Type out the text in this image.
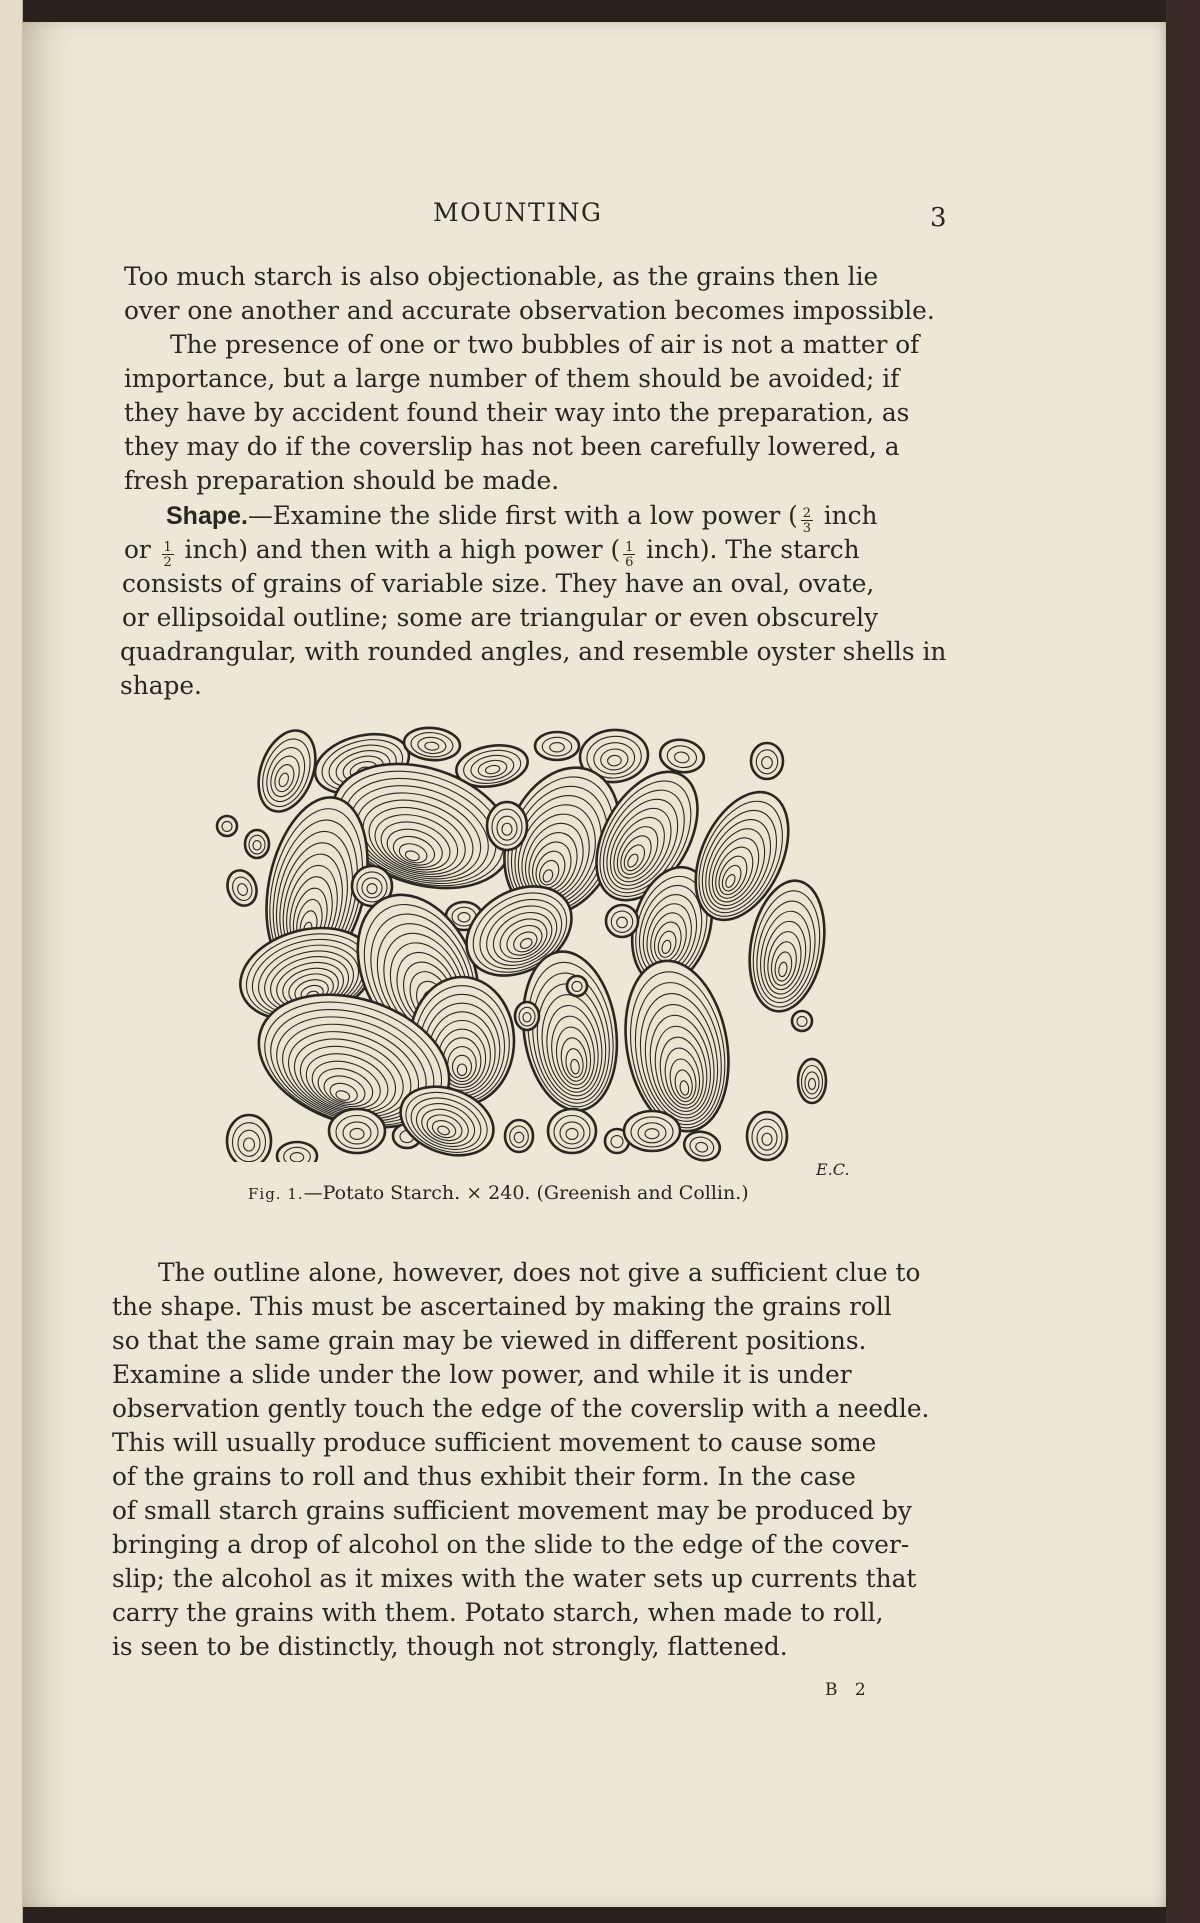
MOUNTING	3

Too much starch is also objectionable, as the grains then lie

over one another and accurate observation becomes impossible.

The presence of one or two bubbles of air is not a matter of

importance, but a large number of them should be avoided; if

they have by accident found their way into the preparation, as

they may do if the coverslip has not been carefully lowered, a

fresh preparation should be made.

Shape.—Examine the slide first with a low power ( $\frac{2}{3}$ inch

or $\frac{1}{2}$ inch) and then with a high power ( $\frac{1}{6}$ inch). The starch

consists of grains of variable size. They have an oval, ovate,

or ellipsoidal outline; some are triangular or even obscurely

quadrangular, with rounded angles, and resemble oyster shells in

shape.

E.C.

Fig. 1.—Potato Starch. × 240. (Greenish and Collin.)

The outline alone, however, does not give a sufficient clue to

the shape. This must be ascertained by making the grains roll

so that the same grain may be viewed in different positions.

Examine a slide under the low power, and while it is under

observation gently touch the edge of the coverslip with a needle.

This will usually produce sufficient movement to cause some

of the grains to roll and thus exhibit their form. In the case

of small starch grains sufficient movement may be produced by

bringing a drop of alcohol on the slide to the edge of the cover-

slip; the alcohol as it mixes with the water sets up currents that

carry the grains with them. Potato starch, when made to roll,

is seen to be distinctly, though not strongly, flattened.

B 2
